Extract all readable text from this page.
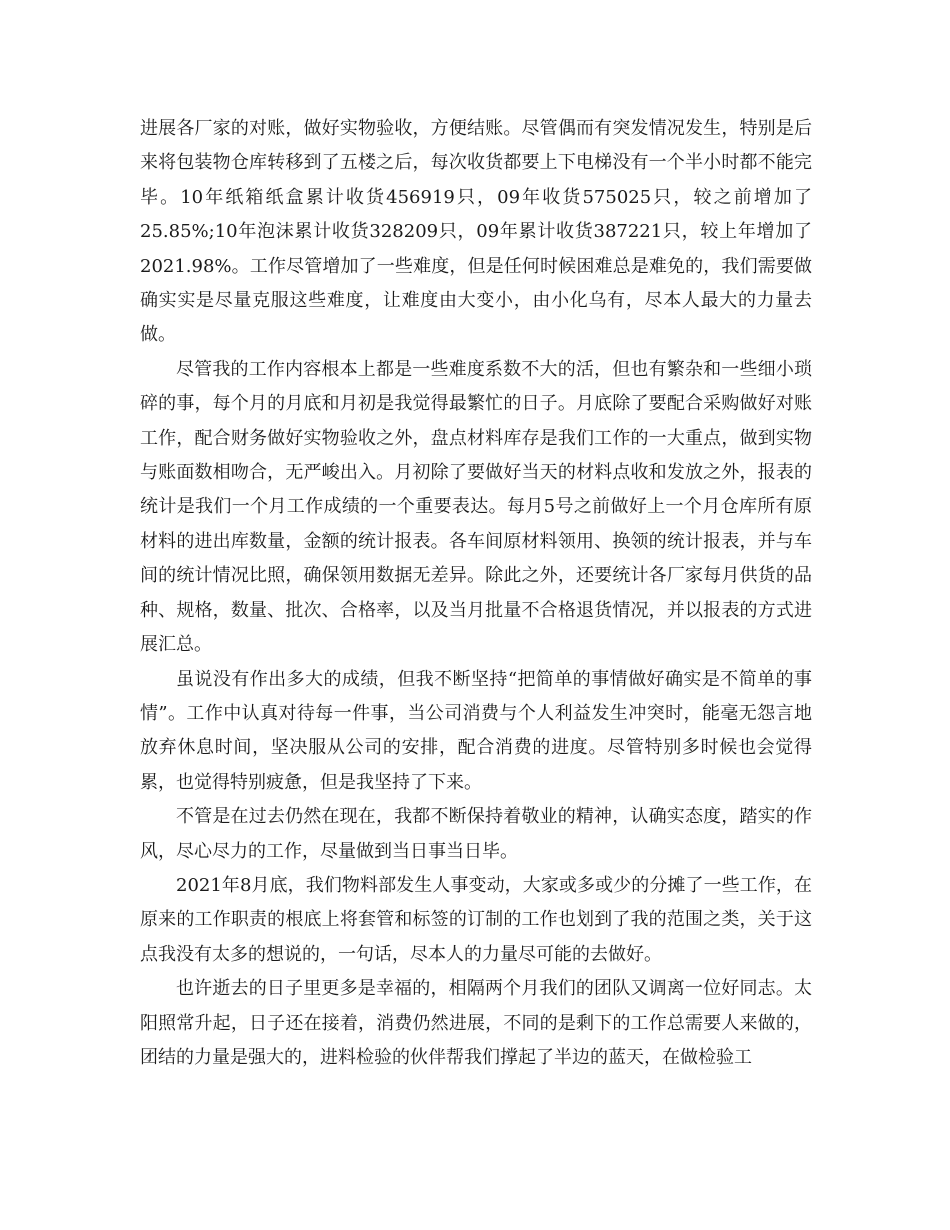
进展各厂家的对账，做好实物验收，方便结账。尽管偶而有突发情况发生，特别是后来将包装物仓库转移到了五楼之后，每次收货都要上下电梯没有一个半小时都不能完毕。10年纸箱纸盒累计收货456919只，09年收货575025只，较之前增加了25.85%;10年泡沫累计收货328209只，09年累计收货387221只，较上年增加了2021.98%。工作尽管增加了一些难度，但是任何时候困难总是难免的，我们需要做确实实是尽量克服这些难度，让难度由大变小，由小化乌有，尽本人最大的力量去做。

尽管我的工作内容根本上都是一些难度系数不大的活，但也有繁杂和一些细小琐碎的事，每个月的月底和月初是我觉得最繁忙的日子。月底除了要配合采购做好对账工作，配合财务做好实物验收之外，盘点材料库存是我们工作的一大重点，做到实物与账面数相吻合，无严峻出入。月初除了要做好当天的材料点收和发放之外，报表的统计是我们一个月工作成绩的一个重要表达。每月5号之前做好上一个月仓库所有原材料的进出库数量，金额的统计报表。各车间原材料领用、换领的统计报表，并与车间的统计情况比照，确保领用数据无差异。除此之外，还要统计各厂家每月供货的品种、规格，数量、批次、合格率，以及当月批量不合格退货情况，并以报表的方式进展汇总。

虽说没有作出多大的成绩，但我不断坚持“把简单的事情做好确实是不简单的事情”。工作中认真对待每一件事，当公司消费与个人利益发生冲突时，能毫无怨言地放弃休息时间，坚决服从公司的安排，配合消费的进度。尽管特别多时候也会觉得累，也觉得特别疲惫，但是我坚持了下来。

不管是在过去仍然在现在，我都不断保持着敬业的精神，认确实态度，踏实的作风，尽心尽力的工作，尽量做到当日事当日毕。

2021年8月底，我们物料部发生人事变动，大家或多或少的分摊了一些工作，在原来的工作职责的根底上将套管和标签的订制的工作也划到了我的范围之类，关于这点我没有太多的想说的，一句话，尽本人的力量尽可能的去做好。

也许逝去的日子里更多是幸福的，相隔两个月我们的团队又调离一位好同志。太阳照常升起，日子还在接着，消费仍然进展，不同的是剩下的工作总需要人来做的，团结的力量是强大的，进料检验的伙伴帮我们撑起了半边的蓝天，在做检验工
